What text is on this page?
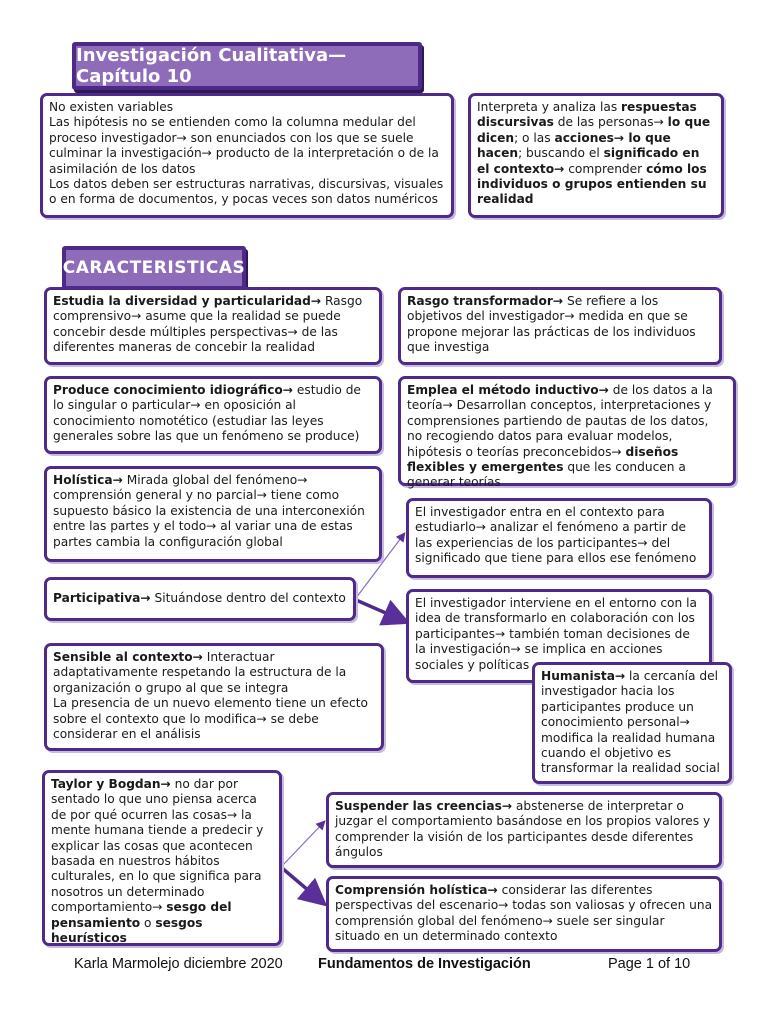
Investigación Cualitativa— Capítulo 10
No existen variables
Las hipótesis no se entienden como la columna medular del proceso investigador→ son enunciados con los que se suele culminar la investigación→ producto de la interpretación o de la asimilación de los datos
Los datos deben ser estructuras narrativas, discursivas, visuales o en forma de documentos, y pocas veces son datos numéricos
Interpreta y analiza las respuestas discursivas de las personas→ lo que dicen; o las acciones→ lo que hacen; buscando el significado en el contexto→ comprender cómo los individuos o grupos entienden su realidad
CARACTERISTICAS
Estudia la diversidad y particularidad→ Rasgo comprensivo→ asume que la realidad se puede concebir desde múltiples perspectivas→ de las diferentes maneras de concebir la realidad
Rasgo transformador→ Se refiere a los objetivos del investigador→ medida en que se propone mejorar las prácticas de los individuos que investiga
Produce conocimiento idiográfico→ estudio de lo singular o particular→ en oposición al conocimiento nomotético (estudiar las leyes generales sobre las que un fenómeno se produce)
Emplea el método inductivo→ de los datos a la teoría→ Desarrollan conceptos, interpretaciones y comprensiones partiendo de pautas de los datos, no recogiendo datos para evaluar modelos, hipótesis o teorías preconcebidos→ diseños flexibles y emergentes que les conducen a generar teorías
Holística→ Mirada global del fenómeno→ comprensión general y no parcial→ tiene como supuesto básico la existencia de una interconexión entre las partes y el todo→ al variar una de estas partes cambia la configuración global
Participativa→ Situándose dentro del contexto
El investigador entra en el contexto para estudiarlo→ analizar el fenómeno a partir de las experiencias de los participantes→ del significado que tiene para ellos ese fenómeno
El investigador interviene en el entorno con la idea de transformarlo en colaboración con los participantes→ también toman decisiones de la investigación→ se implica en acciones sociales y políticas
Humanista→ la cercanía del investigador hacia los participantes produce un conocimiento personal→ modifica la realidad humana cuando el objetivo es transformar la realidad social
Sensible al contexto→ Interactuar adaptativamente respetando la estructura de la organización o grupo al que se integra
La presencia de un nuevo elemento tiene un efecto sobre el contexto que lo modifica→ se debe considerar en el análisis
Taylor y Bogdan→ no dar por sentado lo que uno piensa acerca de por qué ocurren las cosas→ la mente humana tiende a predecir y explicar las cosas que acontecen basada en nuestros hábitos culturales, en lo que significa para nosotros un determinado comportamiento→ sesgo del pensamiento o sesgos heurísticos
Suspender las creencias→ abstenerse de interpretar o juzgar el comportamiento basándose en los propios valores y comprender la visión de los participantes desde diferentes ángulos
Comprensión holística→ considerar las diferentes perspectivas del escenario→ todas son valiosas y ofrecen una comprensión global del fenómeno→ suele ser singular situado en un determinado contexto
Karla Marmolejo diciembre 2020 Fundamentos de Investigación	Page 1 of 10
